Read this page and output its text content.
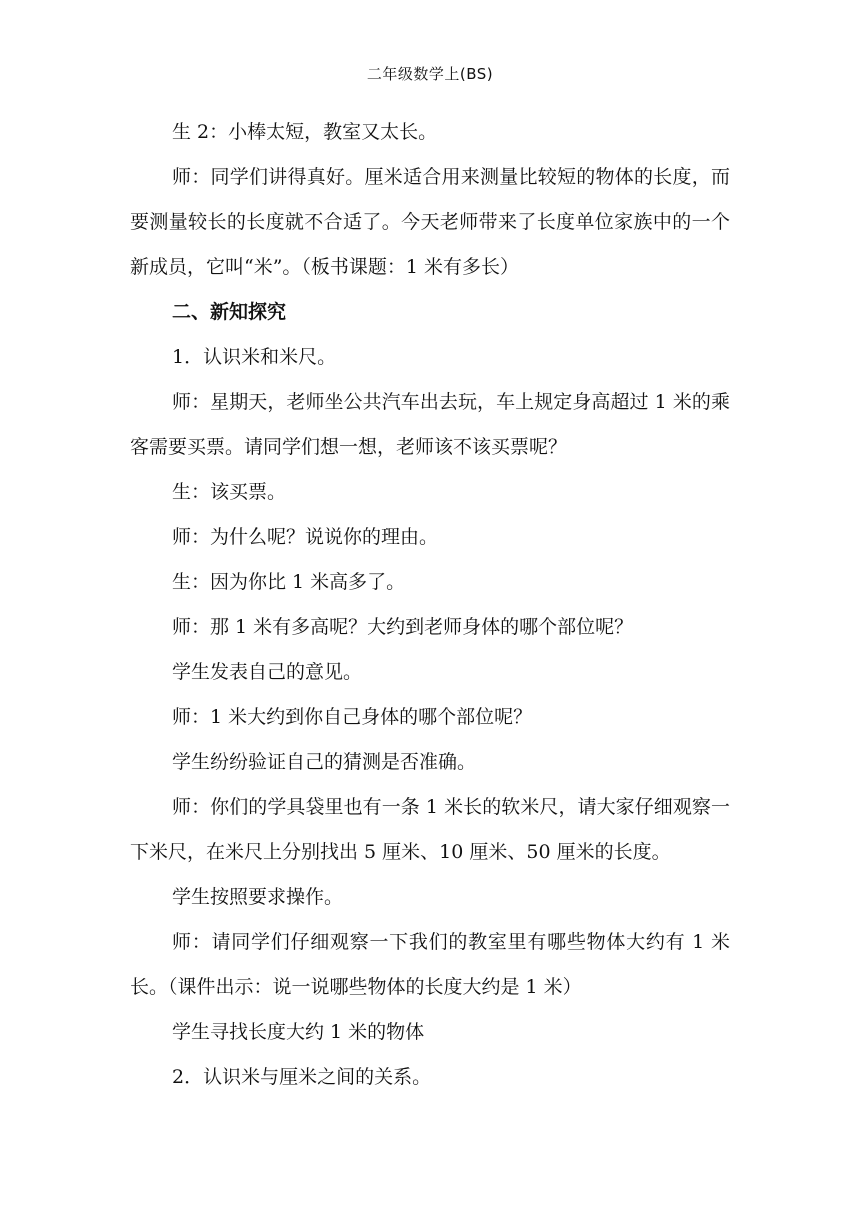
二年级数学上(BS)

生 2：小棒太短，教室又太长。

师：同学们讲得真好。厘米适合用来测量比较短的物体的长度，而要测量较长的长度就不合适了。今天老师带来了长度单位家族中的一个新成员，它叫“米”。（板书课题：1 米有多长）

二、新知探究

1．认识米和米尺。

师：星期天，老师坐公共汽车出去玩，车上规定身高超过 1 米的乘客需要买票。请同学们想一想，老师该不该买票呢？

生：该买票。

师：为什么呢？说说你的理由。

生：因为你比 1 米高多了。

师：那 1 米有多高呢？大约到老师身体的哪个部位呢？

学生发表自己的意见。

师：1 米大约到你自己身体的哪个部位呢？

学生纷纷验证自己的猜测是否准确。

师：你们的学具袋里也有一条 1 米长的软米尺，请大家仔细观察一下米尺，在米尺上分别找出 5 厘米、10 厘米、50 厘米的长度。

学生按照要求操作。

师：请同学们仔细观察一下我们的教室里有哪些物体大约有 1 米长。（课件出示：说一说哪些物体的长度大约是 1 米）

学生寻找长度大约 1 米的物体

2．认识米与厘米之间的关系。
